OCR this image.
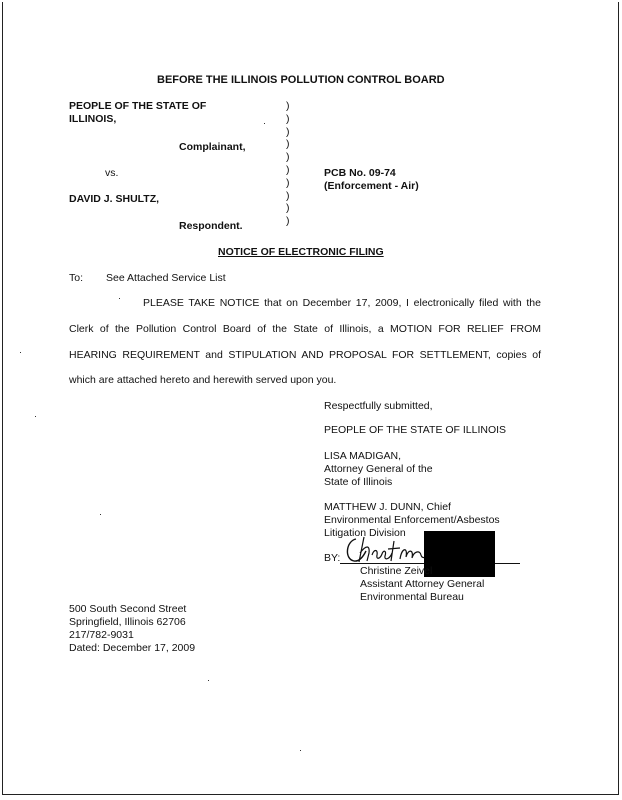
BEFORE THE ILLINOIS POLLUTION CONTROL BOARD
PEOPLE OF THE STATE OF
ILLINOIS,
Complainant,
vs.
DAVID J. SHULTZ,
Respondent.
)
)
)
)
)
)
)
)
)
)
PCB No. 09-74
(Enforcement - Air)
NOTICE OF ELECTRONIC FILING
To: See Attached Service List
PLEASE TAKE NOTICE that on December 17, 2009, I electronically filed with the
Clerk of the Pollution Control Board of the State of Illinois, a MOTION FOR RELIEF FROM
HEARING REQUIREMENT and STIPULATION AND PROPOSAL FOR SETTLEMENT, copies of
which are attached hereto and herewith served upon you.
Respectfully submitted,
PEOPLE OF THE STATE OF ILLINOIS
LISA MADIGAN,
Attorney General of the
State of Illinois
MATTHEW J. DUNN, Chief
Environmental Enforcement/Asbestos
Litigation Division
BY:
Christine Zeivel
Assistant Attorney General
Environmental Bureau
500 South Second Street
Springfield, Illinois 62706
217/782-9031
Dated: December 17, 2009
